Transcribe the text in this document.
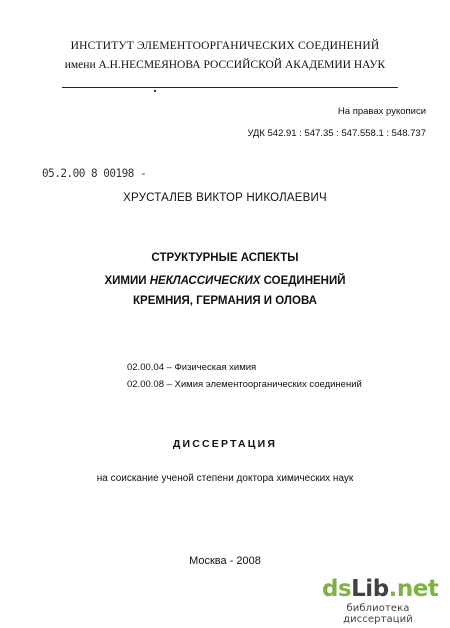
ИНСТИТУТ ЭЛЕМЕНТООРГАНИЧЕСКИХ СОЕДИНЕНИЙ
имени А.Н.НЕСМЕЯНОВА РОССИЙСКОЙ АКАДЕМИИ НАУК
На правах рукописи
УДК 542.91 : 547.35 : 547.558.1 : 548.737
05.2.00 8 00198 -
ХРУСТАЛЕВ ВИКТОР НИКОЛАЕВИЧ
СТРУКТУРНЫЕ АСПЕКТЫ
ХИМИИ НЕКЛАССИЧЕСКИХ СОЕДИНЕНИЙ
КРЕМНИЯ, ГЕРМАНИЯ И ОЛОВА
02.00.04 – Физическая химия
02.00.08 – Химия элементоорганических соединений
ДИССЕРТАЦИЯ
на соискание ученой степени доктора химических наук
Москва - 2008
dsLib.net
библиотека диссертаций
